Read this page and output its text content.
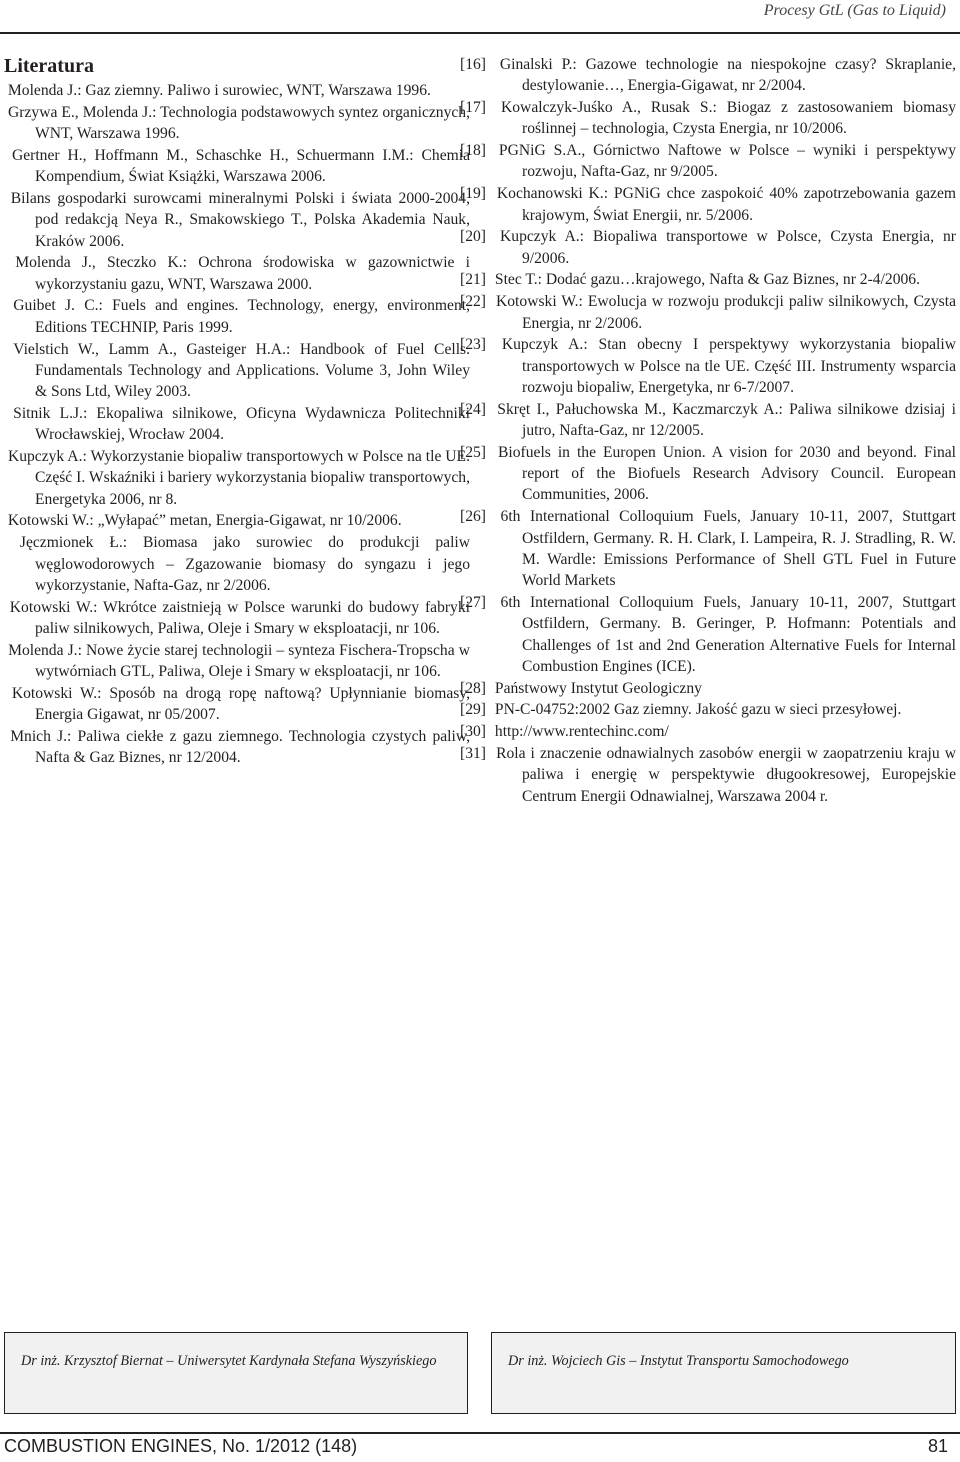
Procesy GtL (Gas to Liquid)
Literatura
Molenda J.: Gaz ziemny. Paliwo i surowiec, WNT, Warszawa 1996.
Grzywa E., Molenda J.: Technologia podstawowych syntez organicznych, WNT, Warszawa 1996.
Gertner H., Hoffmann M., Schaschke H., Schuermann I.M.: Chemia Kompendium, Świat Książki, Warszawa 2006.
Bilans gospodarki surowcami mineralnymi Polski i świata 2000-2004, pod redakcją Neya R., Smakowskiego T., Polska Akademia Nauk, Kraków 2006.
Molenda J., Steczko K.: Ochrona środowiska w gazownictwie i wykorzystaniu gazu, WNT, Warszawa 2000.
Guibet J. C.: Fuels and engines. Technology, energy, environment, Editions TECHNIP, Paris 1999.
Vielstich W., Lamm A., Gasteiger H.A.: Handbook of Fuel Cells. Fundamentals Technology and Applications. Volume 3, John Wiley & Sons Ltd, Wiley 2003.
Sitnik L.J.: Ekopaliwa silnikowe, Oficyna Wydawnicza Politechniki Wrocławskiej, Wrocław 2004.
Kupczyk A.: Wykorzystanie biopaliw transportowych w Polsce na tle UE. Część I. Wskaźniki i bariery wykorzystania biopaliw transportowych, Energetyka 2006, nr 8.
Kotowski W.: „Wyłapać” metan, Energia-Gigawat, nr 10/2006.
Jęczmionek Ł.: Biomasa jako surowiec do produkcji paliw węglowodorowych – Zgazowanie biomasy do syngazu i jego wykorzystanie, Nafta-Gaz, nr 2/2006.
Kotowski W.: Wkrótce zaistnieją w Polsce warunki do budowy fabryki paliw silnikowych, Paliwa, Oleje i Smary w eksploatacji, nr 106.
Molenda J.: Nowe życie starej technologii – synteza Fischera-Tropscha w wytwórniach GTL, Paliwa, Oleje i Smary w eksploatacji, nr 106.
Kotowski W.: Sposób na drogą ropę naftową? Upłynnianie biomasy, Energia Gigawat, nr 05/2007.
Mnich J.: Paliwa ciekłe z gazu ziemnego. Technologia czystych paliw, Nafta & Gaz Biznes, nr 12/2004.
[16] Ginalski P.: Gazowe technologie na niespokojne czasy? Skraplanie, destylowanie…, Energia-Gigawat, nr 2/2004.
[17] Kowalczyk-Juśko A., Rusak S.: Biogaz z zastosowaniem biomasy roślinnej – technologia, Czysta Energia, nr 10/2006.
[18] PGNiG S.A., Górnictwo Naftowe w Polsce – wyniki i perspektywy rozwoju, Nafta-Gaz, nr 9/2005.
[19] Kochanowski K.: PGNiG chce zaspokoić 40% zapotrzebowania gazem krajowym, Świat Energii, nr. 5/2006.
[20] Kupczyk A.: Biopaliwa transportowe w Polsce, Czysta Energia, nr 9/2006.
[21] Stec T.: Dodać gazu…krajowego, Nafta & Gaz Biznes, nr 2-4/2006.
[22] Kotowski W.: Ewolucja w rozwoju produkcji paliw silnikowych, Czysta Energia, nr 2/2006.
[23] Kupczyk A.: Stan obecny I perspektywy wykorzystania biopaliw transportowych w Polsce na tle UE. Część III. Instrumenty wsparcia rozwoju biopaliw, Energetyka, nr 6-7/2007.
[24] Skręt I., Pałuchowska M., Kaczmarczyk A.: Paliwa silnikowe dzisiaj i jutro, Nafta-Gaz, nr 12/2005.
[25] Biofuels in the Europen Union. A vision for 2030 and beyond. Final report of the Biofuels Research Advisory Council. European Communities, 2006.
[26] 6th International Colloquium Fuels, January 10-11, 2007, Stuttgart Ostfildern, Germany. R. H. Clark, I. Lampeira, R. J. Stradling, R. W. M. Wardle: Emissions Performance of Shell GTL Fuel in Future World Markets
[27] 6th International Colloquium Fuels, January 10-11, 2007, Stuttgart Ostfildern, Germany. B. Geringer, P. Hofmann: Potentials and Challenges of 1st and 2nd Generation Alternative Fuels for Internal Combustion Engines (ICE).
[28] Państwowy Instytut Geologiczny
[29] PN-C-04752:2002 Gaz ziemny. Jakość gazu w sieci przesyłowej.
[30] http://www.rentechinc.com/
[31] Rola i znaczenie odnawialnych zasobów energii w zaopatrzeniu kraju w paliwa i energię w perspektywie długookresowej, Europejskie Centrum Energii Odnawialnej, Warszawa 2004 r.
Dr inż. Krzysztof Biernat – Uniwersytet Kardynała Stefana Wyszyńskiego	Dr inż. Wojciech Gis – Instytut Transportu Samochodowego
COMBUSTION ENGINES, No. 1/2012 (148)	81
